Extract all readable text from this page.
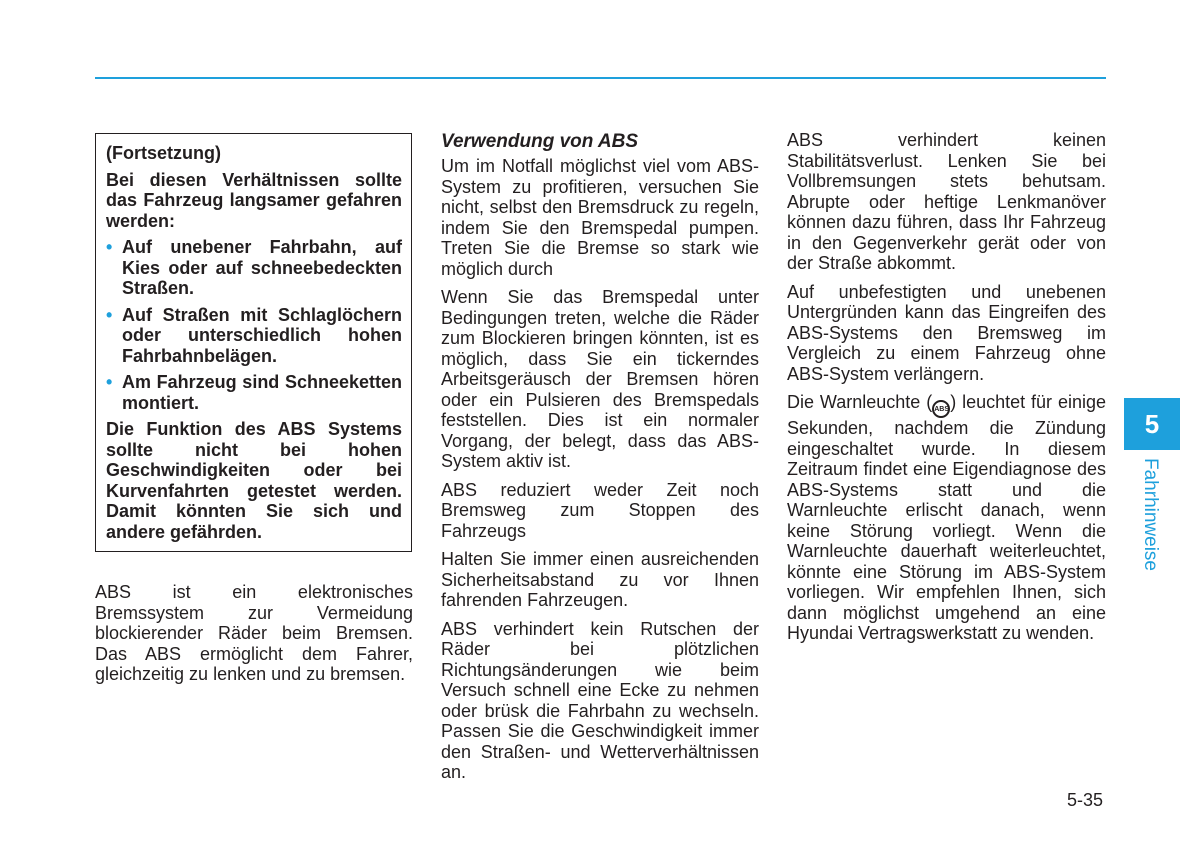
(Fortsetzung)

Bei diesen Verhältnissen sollte das Fahrzeug langsamer gefahren werden:

• Auf unebener Fahrbahn, auf Kies oder auf schneebedeckten Straßen.
• Auf Straßen mit Schlaglöchern oder unterschiedlich hohen Fahrbahnbelägen.
• Am Fahrzeug sind Schneeketten montiert.

Die Funktion des ABS Systems sollte nicht bei hohen Geschwindigkeiten oder bei Kurvenfahrten getestet werden. Damit könnten Sie sich und andere gefährden.

ABS ist ein elektronisches Bremssystem zur Vermeidung blockierender Räder beim Bremsen. Das ABS ermöglicht dem Fahrer, gleichzeitig zu lenken und zu bremsen.

Verwendung von ABS

Um im Notfall möglichst viel vom ABS-System zu profitieren, versuchen Sie nicht, selbst den Bremsdruck zu regeln, indem Sie den Bremspedal pumpen. Treten Sie die Bremse so stark wie möglich durch

Wenn Sie das Bremspedal unter Bedingungen treten, welche die Räder zum Blockieren bringen könnten, ist es möglich, dass Sie ein tickerndes Arbeitsgeräusch der Bremsen hören oder ein Pulsieren des Bremspedals feststellen. Dies ist ein normaler Vorgang, der belegt, dass das ABS-System aktiv ist.

ABS reduziert weder Zeit noch Bremsweg zum Stoppen des Fahrzeugs

Halten Sie immer einen ausreichenden Sicherheitsabstand zu vor Ihnen fahrenden Fahrzeugen.

ABS verhindert kein Rutschen der Räder bei plötzlichen Richtungsänderungen wie beim Versuch schnell eine Ecke zu nehmen oder brüsk die Fahrbahn zu wechseln. Passen Sie die Geschwindigkeit immer den Straßen- und Wetterverhältnissen an.

ABS verhindert keinen Stabilitätsverlust. Lenken Sie bei Vollbremsungen stets behutsam. Abrupte oder heftige Lenkmanöver können dazu führen, dass Ihr Fahrzeug in den Gegenverkehr gerät oder von der Straße abkommt.

Auf unbefestigten und unebenen Untergründen kann das Eingreifen des ABS-Systems den Bremsweg im Vergleich zu einem Fahrzeug ohne ABS-System verlängern.

Die Warnleuchte ( ABS) leuchtet für einige Sekunden, nachdem die Zündung eingeschaltet wurde. In diesem Zeitraum findet eine Eigendiagnose des ABS-Systems statt und die Warnleuchte erlischt danach, wenn keine Störung vorliegt. Wenn die Warnleuchte dauerhaft weiterleuchtet, könnte eine Störung im ABS-System vorliegen. Wir empfehlen Ihnen, sich dann möglichst umgehend an eine Hyundai Vertragswerkstatt zu wenden.

5
Fahrhinweise
5-35
